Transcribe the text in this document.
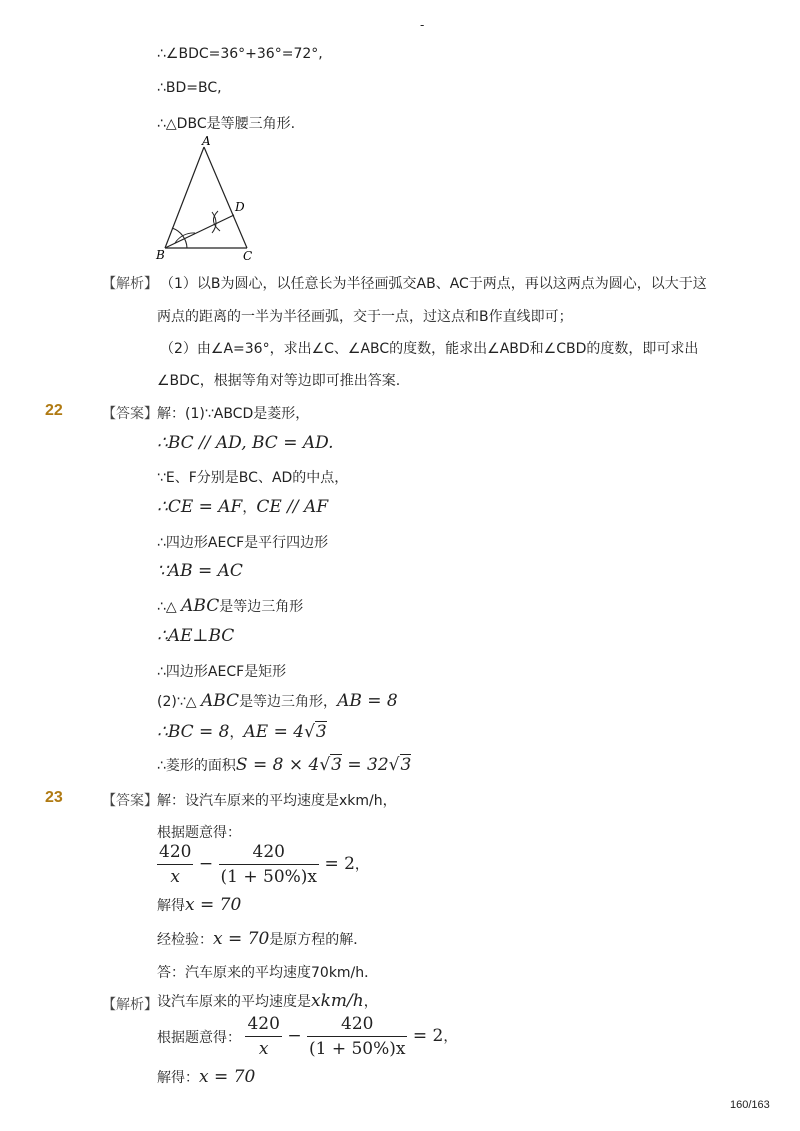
-
∴∠BDC=36°+36°=72°,
∴BD=BC,
∴△DBC是等腰三角形.
A
B	C
D
【解析】 （1）以B为圆心，以任意长为半径画弧交AB、AC于两点，再以这两点为圆心，以大于这
两点的距离的一半为半径画弧，交于一点，过这点和B作直线即可；
（2）由∠A=36°，求出∠C、∠ABC的度数，能求出∠ABD和∠CBD的度数，即可求出
∠BDC，根据等角对等边即可推出答案.
22	【答案】 解：(1)∵ABCD是菱形，
∴BC // AD, BC = AD.
∵E、F分别是BC、AD的中点，
∴CE = AF，CE // AF
∴四边形AECF是平行四边形
∵AB = AC
∴△ ABC是等边三角形
∴AE⊥BC
∴四边形AECF是矩形
(2)∵△ ABC是等边三角形，AB = 8
∴BC = 8，AE = 4√3
∴菱形的面积S = 8 × 4√3 = 32√3
23	【答案】 解：设汽车原来的平均速度是xkm/h，
根据题意得：
$\frac{420}{x} - \frac{420}{(1 + 50\%)x} = 2$，
解得x = 70
经检验：x = 70是原方程的解．
答：汽车原来的平均速度70km/h．
【解析】 设汽车原来的平均速度是xkm/h，
根据题意得： $\frac{420}{x} - \frac{420}{(1 + 50\%)x} = 2$，
解得：x = 70
160/163
